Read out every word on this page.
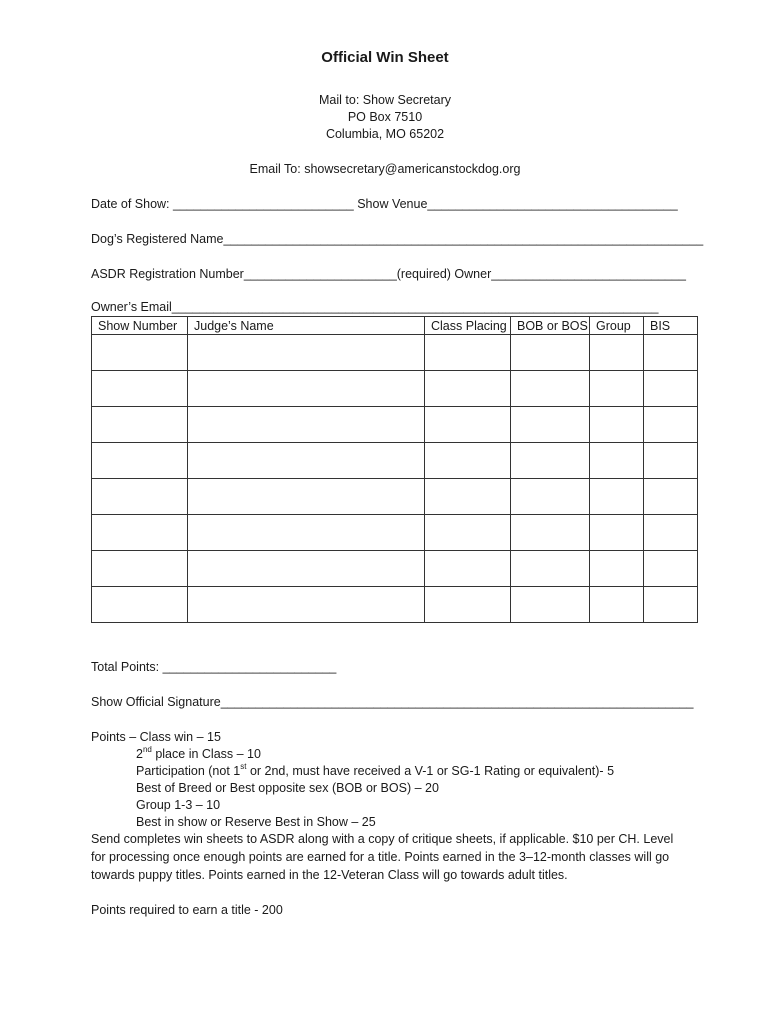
Official Win Sheet
Mail to: Show Secretary
PO Box 7510
Columbia, MO 65202
Email To: showsecretary@americanstockdog.org
Date of Show: __________________________ Show Venue____________________________________
Dog’s Registered Name_____________________________________________________________________
ASDR Registration Number______________________(required) Owner____________________________
Owner’s Email______________________________________________________________________
Show Number	Judge’s Name	Class Placing	BOB or BOS	Group	BIS

Total Points: _________________________
Show Official Signature____________________________________________________________________
Points – Class win – 15
2nd place in Class – 10
Participation (not 1st or 2nd, must have received a V-1 or SG-1 Rating or equivalent)- 5
Best of Breed or Best opposite sex (BOB or BOS) – 20
Group 1-3 – 10
Best in show or Reserve Best in Show – 25
Send completes win sheets to ASDR along with a copy of critique sheets, if applicable. $10 per CH. Level
for processing once enough points are earned for a title. Points earned in the 3–12-month classes will go
towards puppy titles. Points earned in the 12-Veteran Class will go towards adult titles.
Points required to earn a title - 200
